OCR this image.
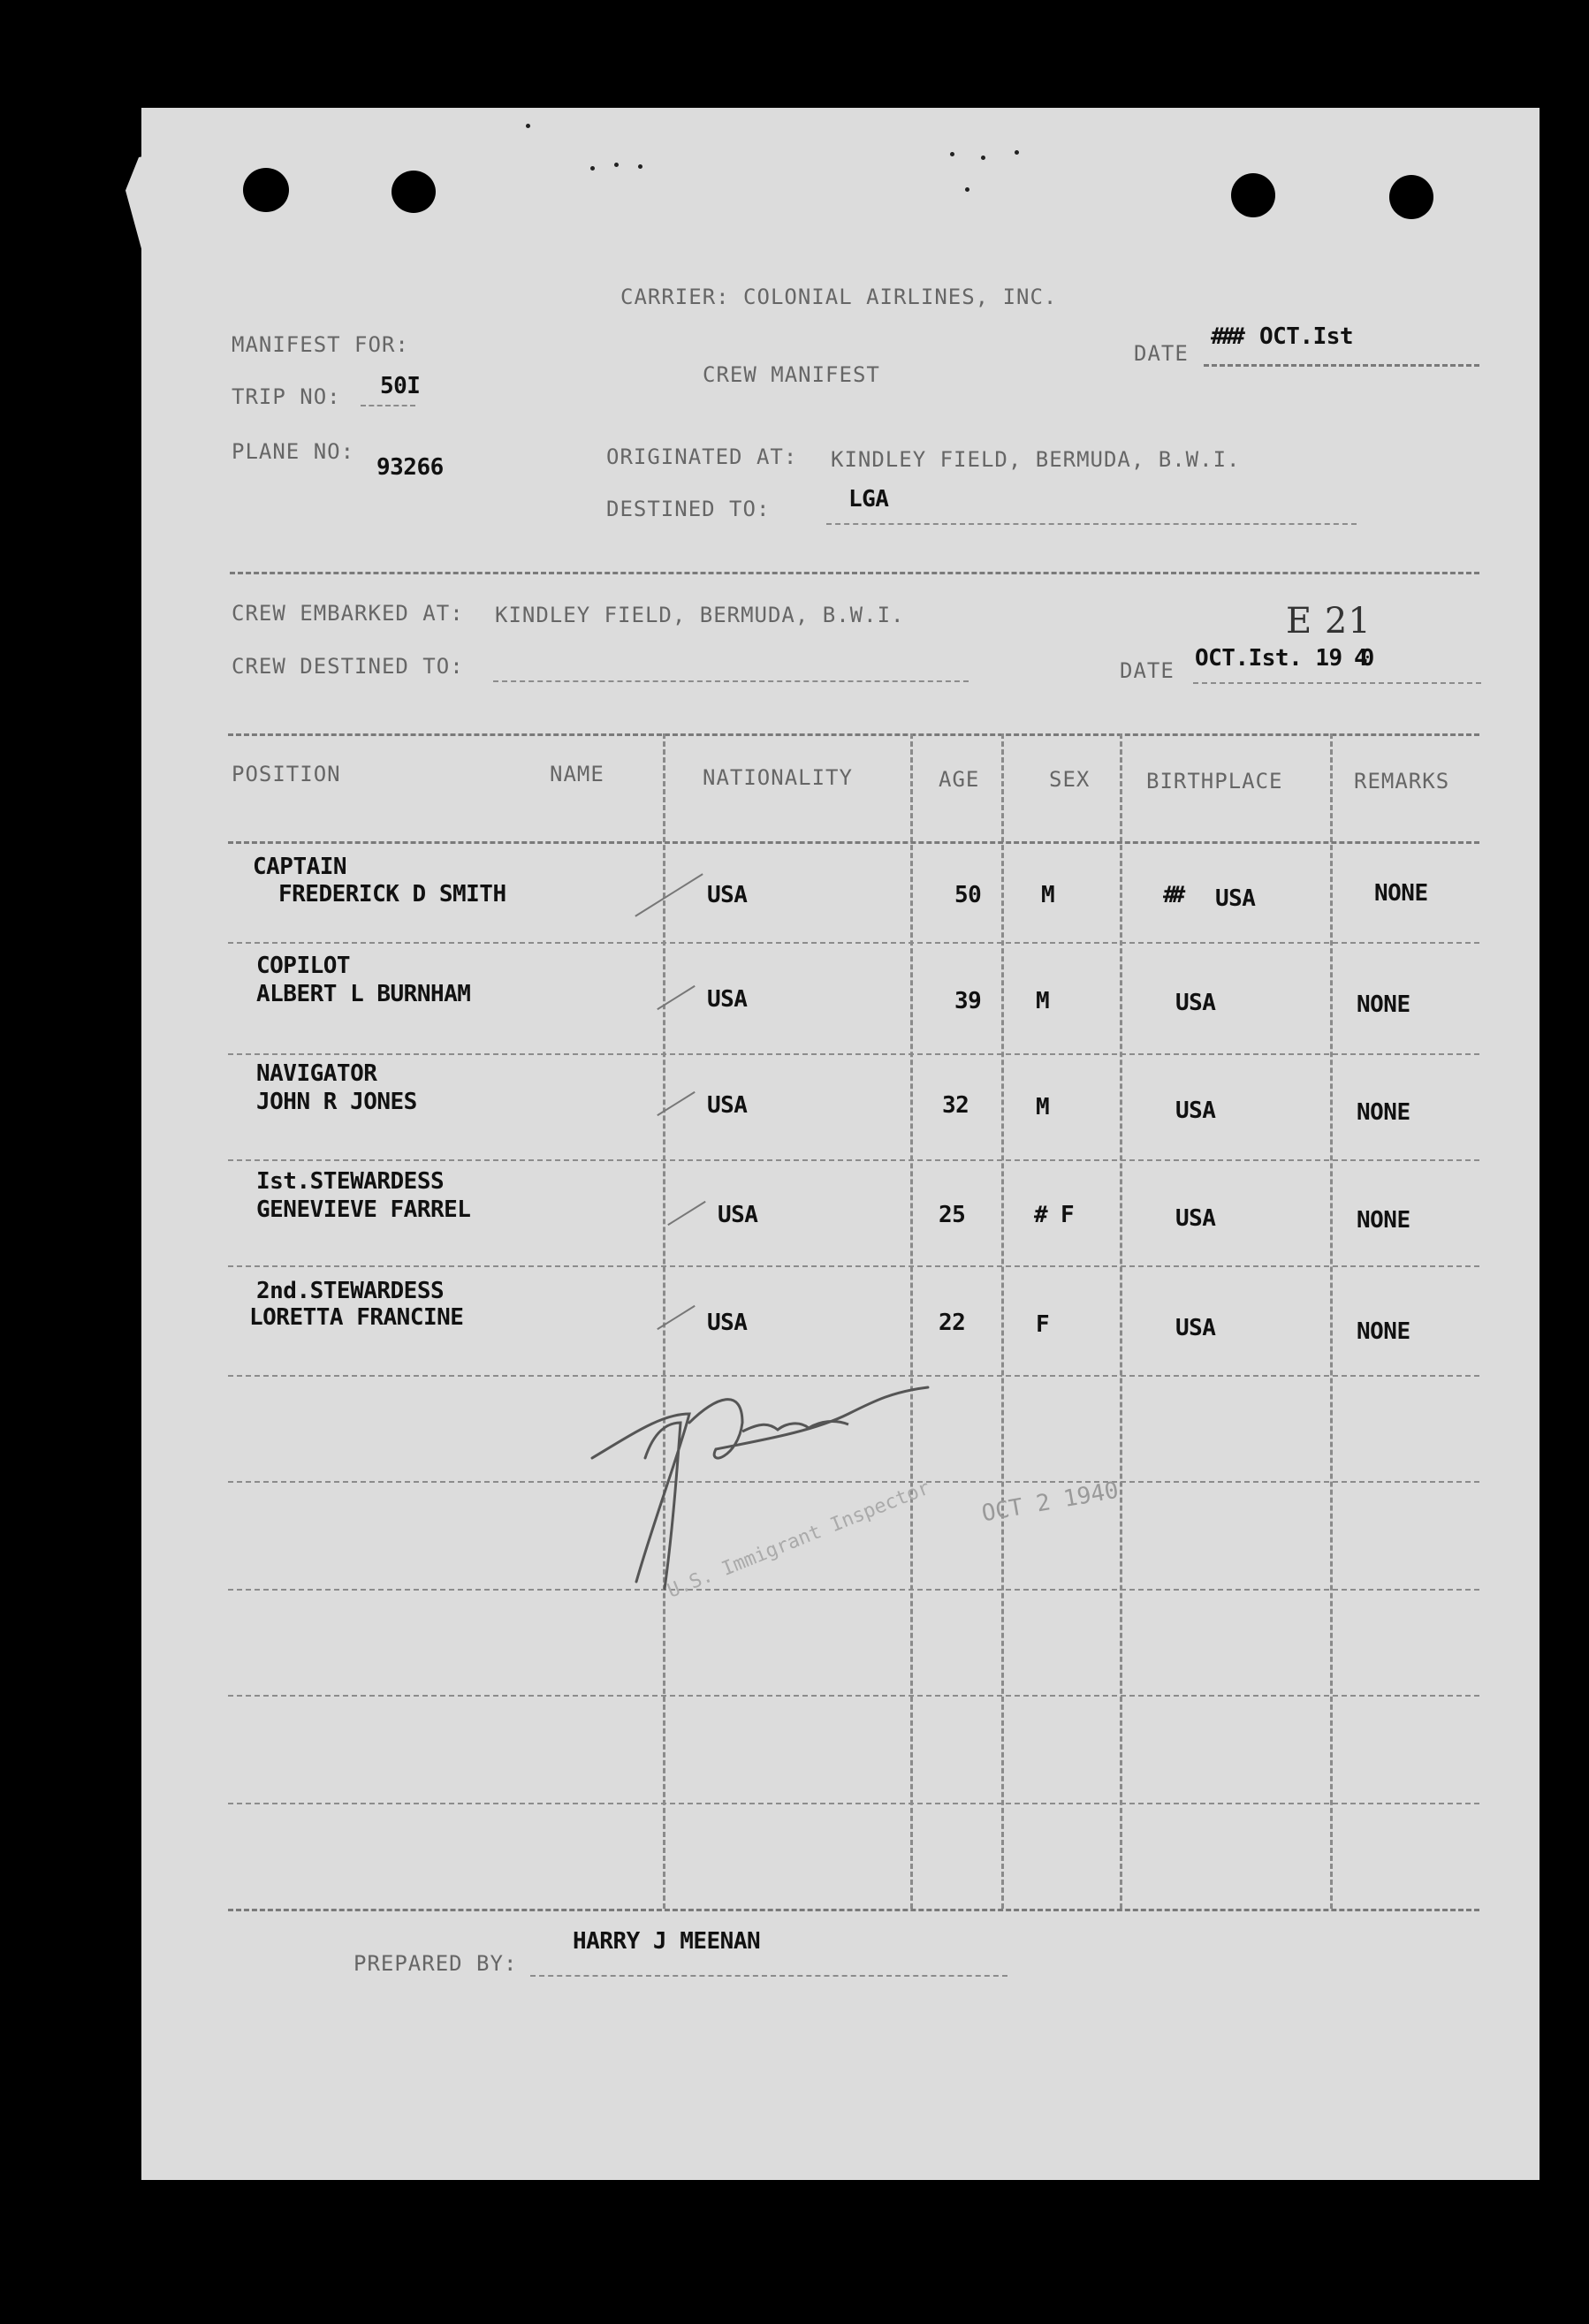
CARRIER: COLONIAL AIRLINES, INC.
MANIFEST FOR:
CREW MANIFEST
DATE
### OCT.Ist
TRIP NO: 50I
PLANE NO:
93266	ORIGINATED AT: KINDLEY FIELD, BERMUDA, B.W.I.
DESTINED TO:	LGA
CREW EMBARKED AT: KINDLEY FIELD, BERMUDA, B.W.I.
CREW DESTINED TO:
E 21
DATE OCT.Ist. 19 40
POSITION	NAME	NATIONALITY	AGE	SEX	BIRTHPLACE	REMARKS
CAPTAIN
FREDERICK D SMITH	USA	50	M	## USA	NONE
COPILOT
ALBERT L BURNHAM	USA	39 M	USA	NONE
NAVIGATOR
JOHN R JONES	USA	32	M	USA	NONE
Ist.STEWARDESS
GENEVIEVE FARREL	USA	25	# F	USA	NONE
2nd.STEWARDESS
LORETTA FRANCINE	USA	22	F	USA	NONE
U.S. Immigrant Inspector OCT 2 1940
PREPARED BY:
HARRY J MEENAN
